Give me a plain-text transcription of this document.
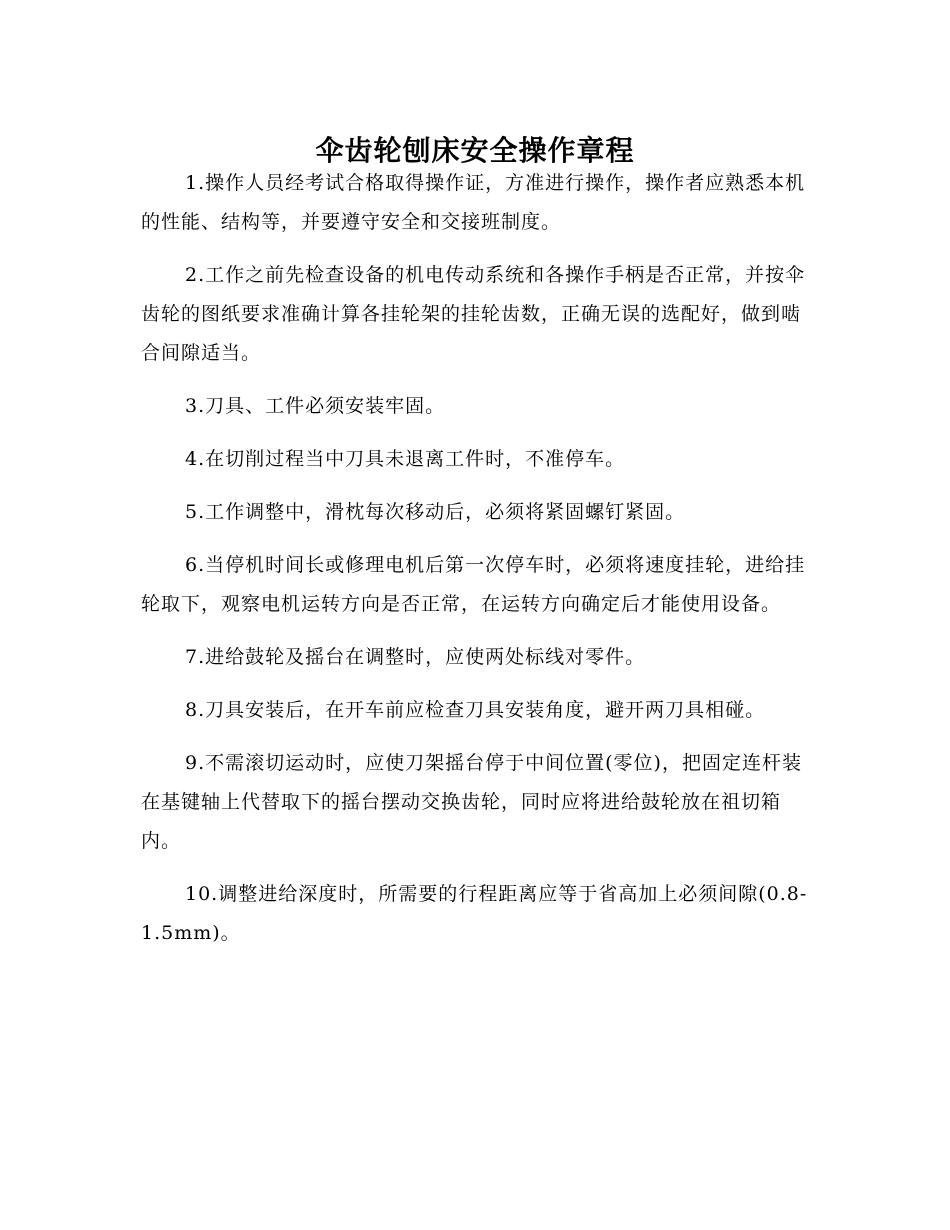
伞齿轮刨床安全操作章程

1.操作人员经考试合格取得操作证，方准进行操作，操作者应熟悉本机的性能、结构等，并要遵守安全和交接班制度。

2.工作之前先检查设备的机电传动系统和各操作手柄是否正常，并按伞齿轮的图纸要求准确计算各挂轮架的挂轮齿数，正确无误的选配好，做到啮合间隙适当。

3.刀具、工件必须安装牢固。

4.在切削过程当中刀具未退离工件时，不准停车。

5.工作调整中，滑枕每次移动后，必须将紧固螺钉紧固。

6.当停机时间长或修理电机后第一次停车时，必须将速度挂轮，进给挂轮取下，观察电机运转方向是否正常，在运转方向确定后才能使用设备。

7.进给鼓轮及摇台在调整时，应使两处标线对零件。

8.刀具安装后，在开车前应检查刀具安装角度，避开两刀具相碰。

9.不需滚切运动时，应使刀架摇台停于中间位置(零位)，把固定连杆装在基键轴上代替取下的摇台摆动交换齿轮，同时应将进给鼓轮放在祖切箱内。

10.调整进给深度时，所需要的行程距离应等于省高加上必须间隙(0.8-1.5mm)。
